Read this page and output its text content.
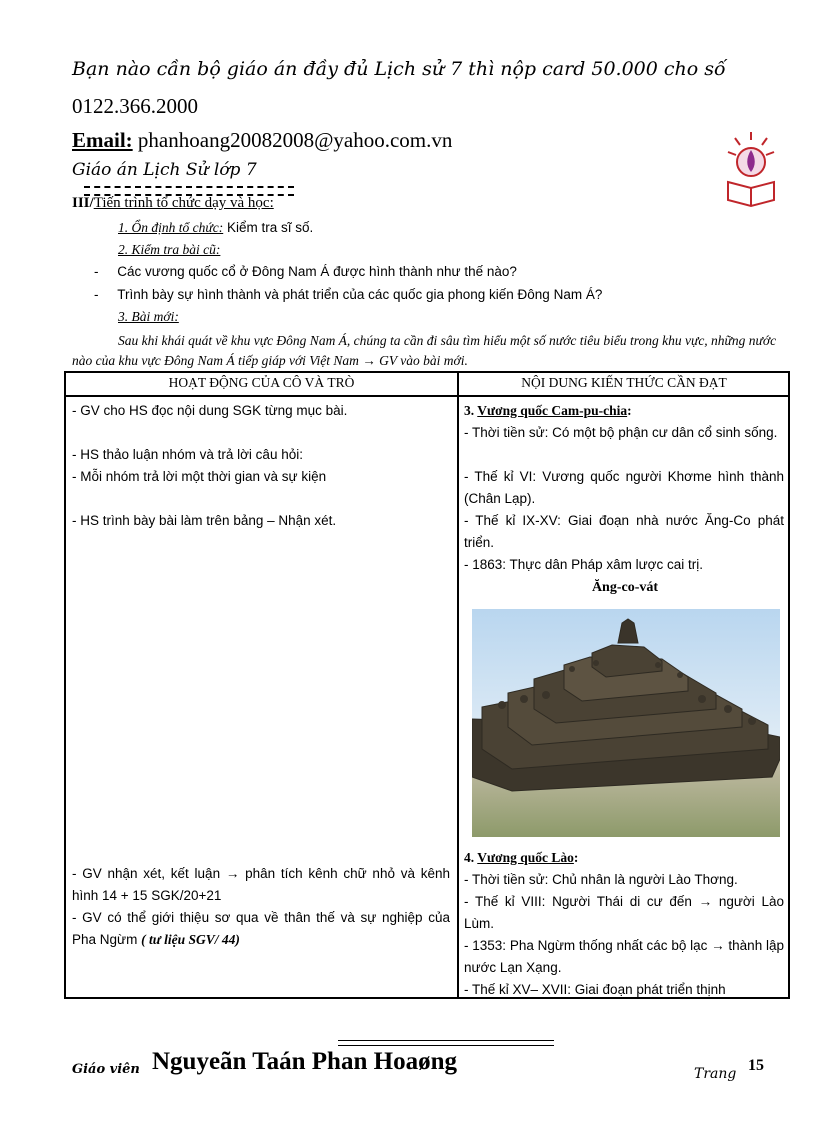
Bạn nào cần bộ giáo án đầy đủ Lịch sử 7 thì nộp card 50.000 cho số
0122.366.2000
Email: phanhoang20082008@yahoo.com.vn
Giáo án Lịch Sử lớp 7
III/Tiến trình tổ chức dạy và học:
1. Ổn định tổ chức: Kiểm tra sĩ số.
2. Kiểm tra bài cũ:
-     Các vương quốc cổ ở Đông Nam Á được hình thành như thế nào?
-     Trình bày sự hình thành và phát triển của các quốc gia phong kiến Đông Nam Á?
3. Bài mới:
Sau khi khái quát về khu vực Đông Nam Á, chúng ta cần đi sâu tìm hiểu một số nước tiêu biểu trong khu vực, những nước nào của khu vực Đông Nam Á tiếp giáp với Việt Nam → GV vào bài mới.
HOẠT ĐỘNG CỦA CÔ VÀ TRÒ	NỘI DUNG KIẾN THỨC CẦN ĐẠT
- GV cho HS đọc nội dung SGK từng mục bài.
- HS thảo luận nhóm và trả lời câu hỏi:
- Mỗi nhóm trả lời một thời gian và sự kiện
- HS trình bày bài làm trên bảng – Nhận xét.
- GV nhận xét, kết luận → phân tích kênh chữ nhỏ và kênh hình 14 + 15 SGK/20+21
- GV có thể giới thiệu sơ qua về thân thế và sự nghiệp của Pha Ngừm ( tư liệu SGV/ 44)
3. Vương quốc Cam-pu-chia:
- Thời tiền sử: Có một bộ phận cư dân cổ sinh sống.
- Thế kỉ VI: Vương quốc người Khơme hình thành (Chân Lạp).
- Thế kỉ IX-XV: Giai đoạn nhà nước Ăng-Co phát triển.
- 1863: Thực dân Pháp xâm lược cai trị.
Ăng-co-vát
4. Vương quốc Lào:
- Thời tiền sử: Chủ nhân là người Lào Thơng.
- Thế kỉ VIII: Người Thái di cư đến → người Lào Lùm.
- 1353: Pha Ngừm thống nhất các bộ lạc → thành lập nước Lạn Xạng.
- Thế kỉ XV– XVII: Giai đoạn phát triển thịnh
Giáo viên Nguyeãn Taán Phan Hoaøng	Trang 15
